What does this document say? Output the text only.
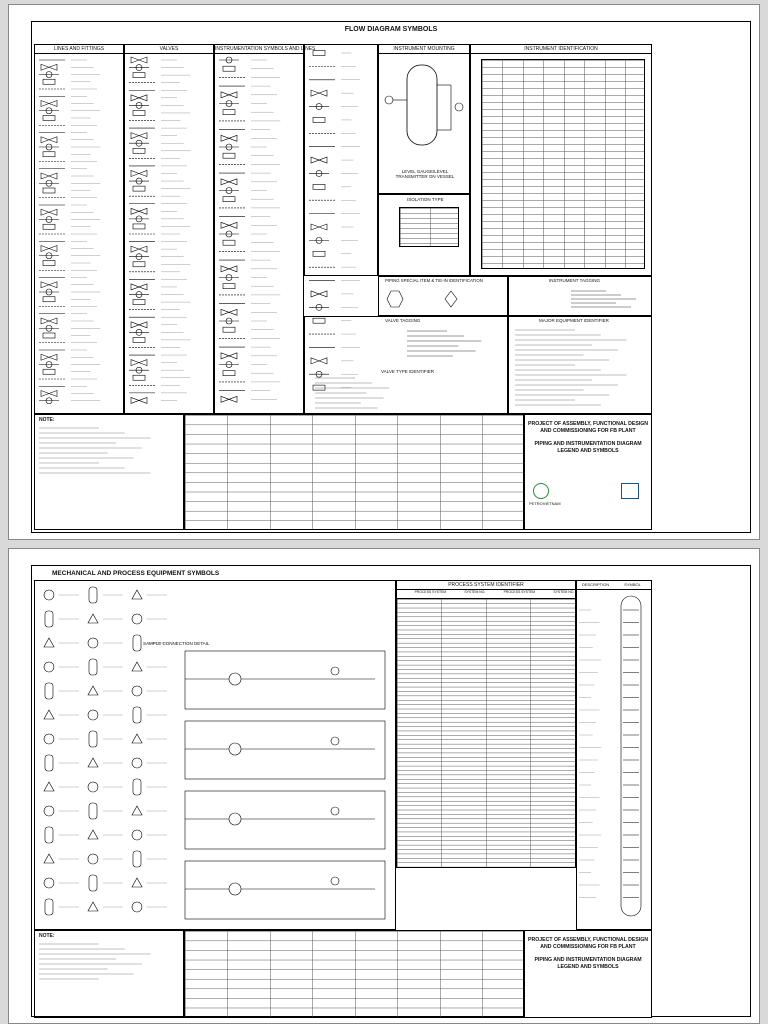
FLOW DIAGRAM SYMBOLS
LINES AND FITTINGS	VALVES	INSTRUMENTATION SYMBOLS AND LINES	INSTRUMENT MOUNTING
LEVEL GAUGE/LEVEL TRANSMITTER ON VESSEL
ISOLATION TYPE
INSTRUMENT IDENTIFICATION
PIPING SPECIAL ITEM & TIE-IN IDENTIFICATION	INSTRUMENT TAGGING
VALVE TAGGING
VALVE TYPE IDENTIFIER
MAJOR EQUIPMENT IDENTIFIER
NOTE:
PROJECT OF ASSEMBLY, FUNCTIONAL DESIGN
AND COMMISSIONING FOR FB PLANT
PIPING AND INSTRUMENTATION DIAGRAM
LEGEND AND SYMBOLS
PETROVIETNAM
MECHANICAL AND PROCESS EQUIPMENT SYMBOLS
SAMPLE CONNECTION DETAIL
PROCESS SYSTEM IDENTIFIER
PROCESS SYSTEM	SYSTEM NO.	PROCESS SYSTEM	SYSTEM NO.
DESCRIPTION	SYMBOL
NOTE:
PROJECT OF ASSEMBLY, FUNCTIONAL DESIGN
AND COMMISSIONING FOR FB PLANT
PIPING AND INSTRUMENTATION DIAGRAM
LEGEND AND SYMBOLS
